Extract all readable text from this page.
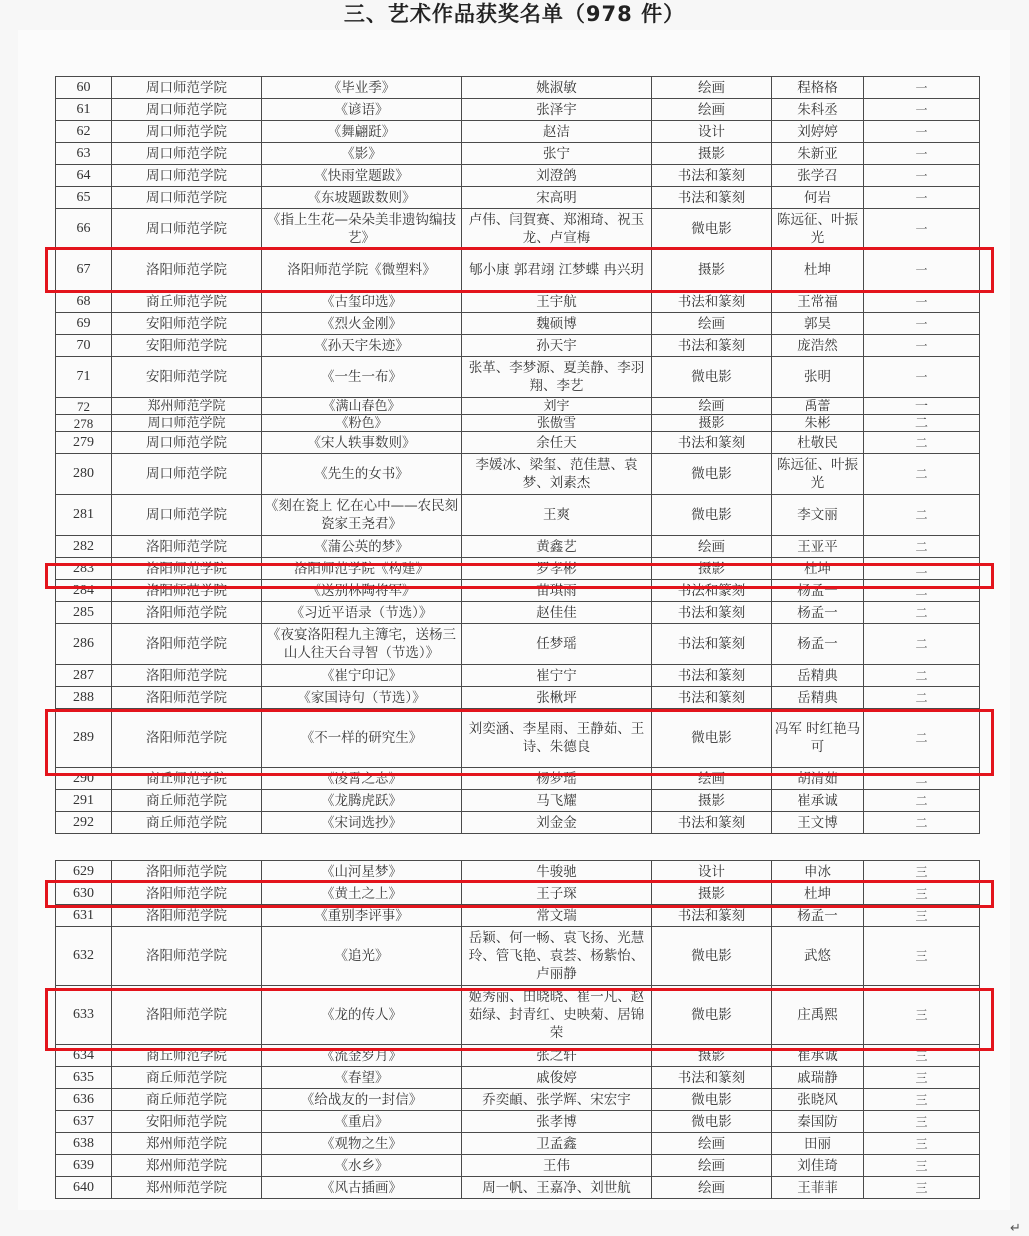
三、艺术作品获奖名单（978 件）
60	周口师范学院	《毕业季》	姚淑敏	绘画	程格格	一
61	周口师范学院	《谚语》	张泽宇	绘画	朱科丞	一
62	周口师范学院	《舞翩跹》	赵洁	设计	刘婷婷	一
63	周口师范学院	《影》	张宁	摄影	朱新亚	一
64	周口师范学院	《快雨堂题跋》	刘澄鸽	书法和篆刻	张学召	一
65	周口师范学院	《东坡题跋数则》	宋高明	书法和篆刻	何岩	一
66	周口师范学院	《指上生花—朵朵美非遗钩编技艺》	卢伟、闫賀赛、郑湘琦、祝玉龙、卢宣梅	微电影	陈远征、叶振光	一
67	洛阳师范学院	洛阳师范学院《微塑料》	郇小康 郭君翊 江梦蝶 冉兴玥	摄影	杜坤	一
68	商丘师范学院	《古玺印选》	王宇航	书法和篆刻	王常福	一
69	安阳师范学院	《烈火金刚》	魏硕博	绘画	郭昊	一
70	安阳师范学院	《孙天宇朱迹》	孙天宇	书法和篆刻	庞浩然	一
71	安阳师范学院	《一生一布》	张革、李梦源、夏美静、李羽翔、李艺	微电影	张明	一
72	郑州师范学院	《满山春色》	刘宇	绘画	禹蕾	一
278	周口师范学院	《粉色》	张傲雪	摄影	朱彬	二
279	周口师范学院	《宋人轶事数则》	余任天	书法和篆刻	杜敬民	二
280	周口师范学院	《先生的女书》	李媛冰、梁玺、范佳慧、袁梦、刘素杰	微电影	陈远征、叶振光	二
281	周口师范学院	《刻在瓷上 忆在心中——农民刻瓷家王尧君》	王爽	微电影	李文丽	二
282	洛阳师范学院	《蒲公英的梦》	黄鑫艺	绘画	王亚平	二
283	洛阳师范学院	洛阳师范学院《构建》	罗孝彬	摄影	杜坤	二
284	洛阳师范学院	《送别林陶将军》	苗琪雨	书法和篆刻	杨孟一	二
285	洛阳师范学院	《习近平语录（节选）》	赵佳佳	书法和篆刻	杨孟一	二
286	洛阳师范学院	《夜宴洛阳程九主簿宅，送杨三山人往天台寻智（节选）》	任梦瑶	书法和篆刻	杨孟一	二
287	洛阳师范学院	《崔宁印记》	崔宁宁	书法和篆刻	岳精典	二
288	洛阳师范学院	《家国诗句（节选）》	张楸坪	书法和篆刻	岳精典	二
289	洛阳师范学院	《不一样的研究生》	刘奕涵、李星雨、王静茹、王诗、朱德良	微电影	冯军 时红艳马可	二
290	商丘师范学院	《凌霄之志》	杨梦瑶	绘画	胡清茹	二
291	商丘师范学院	《龙腾虎跃》	马飞耀	摄影	崔承诚	二
292	商丘师范学院	《宋词选抄》	刘金金	书法和篆刻	王文博	二
629	洛阳师范学院	《山河星梦》	牛骏驰	设计	申冰	三
630	洛阳师范学院	《黄土之上》	王子琛	摄影	杜坤	三
631	洛阳师范学院	《重别李评事》	常文瑞	书法和篆刻	杨孟一	三
632	洛阳师范学院	《追光》	岳颖、何一畅、袁飞扬、光慧玲、管飞艳、袁荟、杨紫怡、卢丽静	微电影	武悠	三
633	洛阳师范学院	《龙的传人》	姬秀丽、田晓晓、崔一凡、赵茹绿、封青红、史映菊、居锦荣	微电影	庄禹熙	三
634	商丘师范学院	《流金岁月》	张之轩	摄影	崔承诚	三
635	商丘师范学院	《春望》	戚俊婷	书法和篆刻	戚瑞静	三
636	商丘师范学院	《给战友的一封信》	乔奕頔、张学辉、宋宏宇	微电影	张晓风	三
637	安阳师范学院	《重启》	张孝博	微电影	秦国防	三
638	郑州师范学院	《观物之生》	卫孟鑫	绘画	田丽	三
639	郑州师范学院	《水乡》	王伟	绘画	刘佳琦	三
640	郑州师范学院	《风古插画》	周一帆、王嘉净、刘世航	绘画	王菲菲	三
↵
